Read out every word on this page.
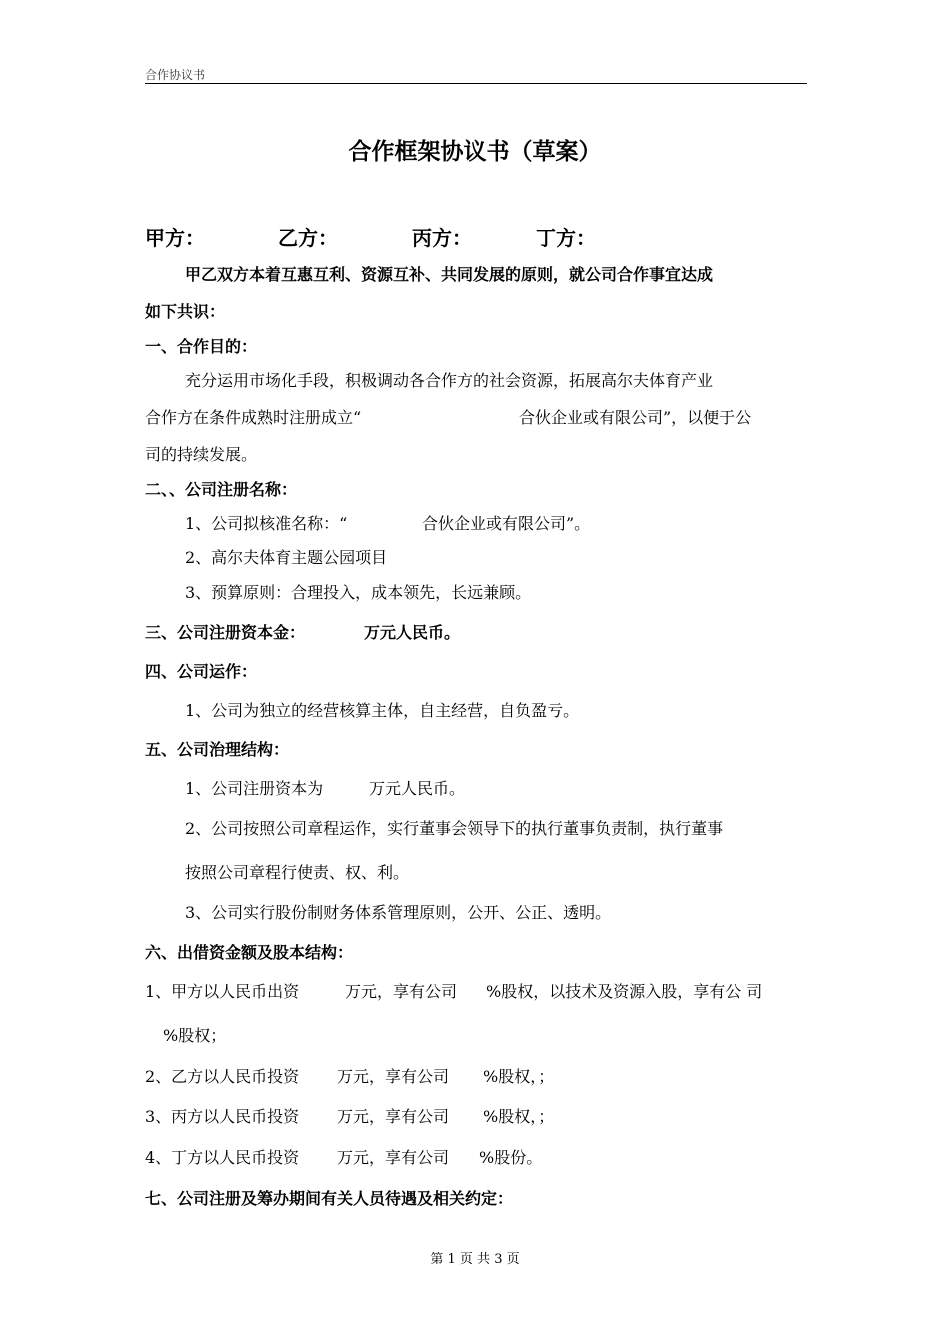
合作协议书
合作框架协议书（草案）
甲方：	乙方：	丙方：	丁方：
甲乙双方本着互惠互利、资源互补、共同发展的原则，就公司合作事宜达成
如下共识：
一、合作目的：
充分运用市场化手段，积极调动各合作方的社会资源，拓展高尔夫体育产业
合作方在条件成熟时注册成立“	合伙企业或有限公司”，以便于公
司的持续发展。
二、、公司注册名称：
1、公司拟核准名称：“	合伙企业或有限公司”。
2、高尔夫体育主题公园项目
3、预算原则：合理投入，成本领先，长远兼顾。
三、公司注册资本金：	万元人民币。
四、公司运作：
1、公司为独立的经营核算主体，自主经营，自负盈亏。
五、公司治理结构：
1、公司注册资本为	万元人民币。
2、公司按照公司章程运作，实行董事会领导下的执行董事负责制，执行董事
按照公司章程行使责、权、利。
3、公司实行股份制财务体系管理原则，公开、公正、透明。
六、出借资金额及股本结构：
1、甲方以人民币出资	万元，享有公司 %股权，以技术及资源入股，享有公 司
%股权；
2、乙方以人民币投资 万元，享有公司 %股权，；
3、丙方以人民币投资 万元，享有公司 %股权，；
4、丁方以人民币投资 万元，享有公司 %股份。
七、公司注册及筹办期间有关人员待遇及相关约定：
第 1 页 共 3 页
